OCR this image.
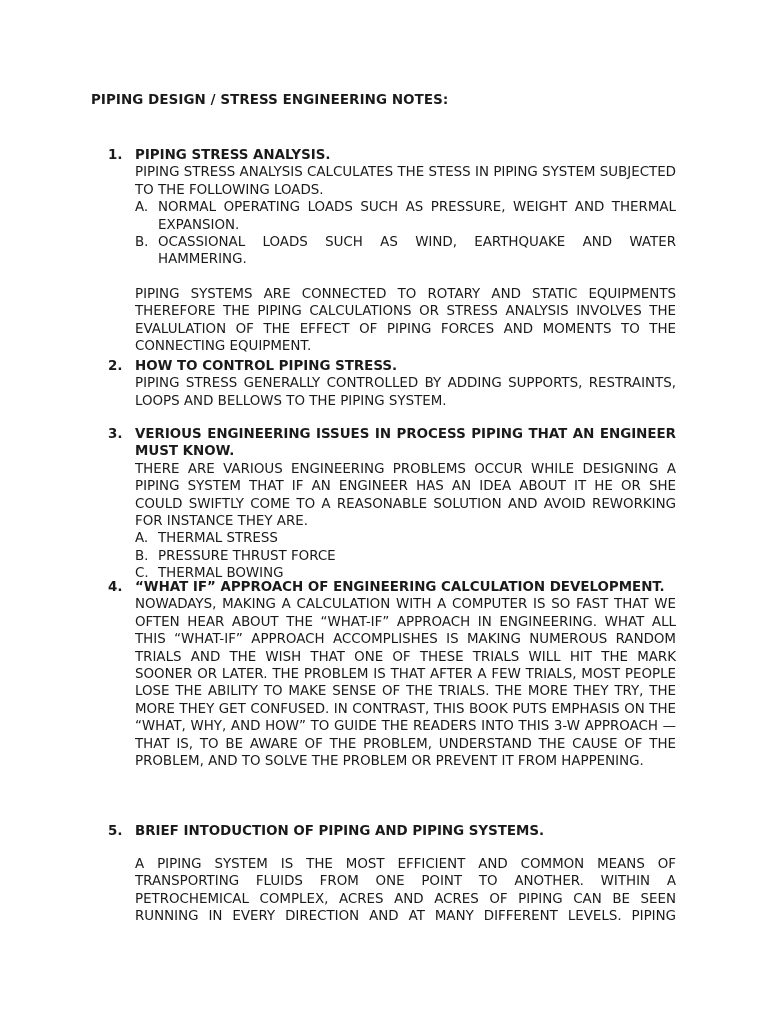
PIPING DESIGN / STRESS ENGINEERING NOTES:
1. PIPING STRESS ANALYSIS.

PIPING STRESS ANALYSIS CALCULATES THE STESS IN PIPING SYSTEM SUBJECTED TO THE FOLLOWING LOADS.

A. NORMAL OPERATING LOADS SUCH AS PRESSURE, WEIGHT AND THERMAL EXPANSION.
B. OCASSIONAL LOADS SUCH AS WIND, EARTHQUAKE AND WATER HAMMERING.

PIPING SYSTEMS ARE CONNECTED TO ROTARY AND STATIC EQUIPMENTS THEREFORE THE PIPING CALCULATIONS OR STRESS ANALYSIS INVOLVES THE EVALULATION OF THE EFFECT OF PIPING FORCES AND MOMENTS TO THE CONNECTING EQUIPMENT.

2. HOW TO CONTROL PIPING STRESS.

PIPING STRESS GENERALLY CONTROLLED BY ADDING SUPPORTS, RESTRAINTS, LOOPS AND BELLOWS TO THE PIPING SYSTEM.

3. VERIOUS ENGINEERING ISSUES IN PROCESS PIPING THAT AN ENGINEER MUST KNOW.

THERE ARE VARIOUS ENGINEERING PROBLEMS OCCUR WHILE DESIGNING A PIPING SYSTEM THAT IF AN ENGINEER HAS AN IDEA ABOUT IT HE OR SHE COULD SWIFTLY COME TO A REASONABLE SOLUTION AND AVOID REWORKING FOR INSTANCE THEY ARE.

A. THERMAL STRESS
B. PRESSURE THRUST FORCE
C. THERMAL BOWING
4. “WHAT IF” APPROACH OF ENGINEERING CALCULATION DEVELOPMENT.

NOWADAYS, MAKING A CALCULATION WITH A COMPUTER IS SO FAST THAT WE OFTEN HEAR ABOUT THE “WHAT-IF” APPROACH IN ENGINEERING. WHAT ALL THIS “WHAT-IF” APPROACH ACCOMPLISHES IS MAKING NUMEROUS RANDOM TRIALS AND THE WISH THAT ONE OF THESE TRIALS WILL HIT THE MARK SOONER OR LATER. THE PROBLEM IS THAT AFTER A FEW TRIALS, MOST PEOPLE LOSE THE ABILITY TO MAKE SENSE OF THE TRIALS. THE MORE THEY TRY, THE MORE THEY GET CONFUSED. IN CONTRAST, THIS BOOK PUTS EMPHASIS ON THE “WHAT, WHY, AND HOW” TO GUIDE THE READERS INTO THIS 3-W APPROACH — THAT IS, TO BE AWARE OF THE PROBLEM, UNDERSTAND THE CAUSE OF THE PROBLEM, AND TO SOLVE THE PROBLEM OR PREVENT IT FROM HAPPENING.

5. BRIEF INTODUCTION OF PIPING AND PIPING SYSTEMS.

A PIPING SYSTEM IS THE MOST EFFICIENT AND COMMON MEANS OF TRANSPORTING FLUIDS FROM ONE POINT TO ANOTHER. WITHIN A PETROCHEMICAL COMPLEX, ACRES AND ACRES OF PIPING CAN BE SEEN RUNNING IN EVERY DIRECTION AND AT MANY DIFFERENT LEVELS. PIPING
